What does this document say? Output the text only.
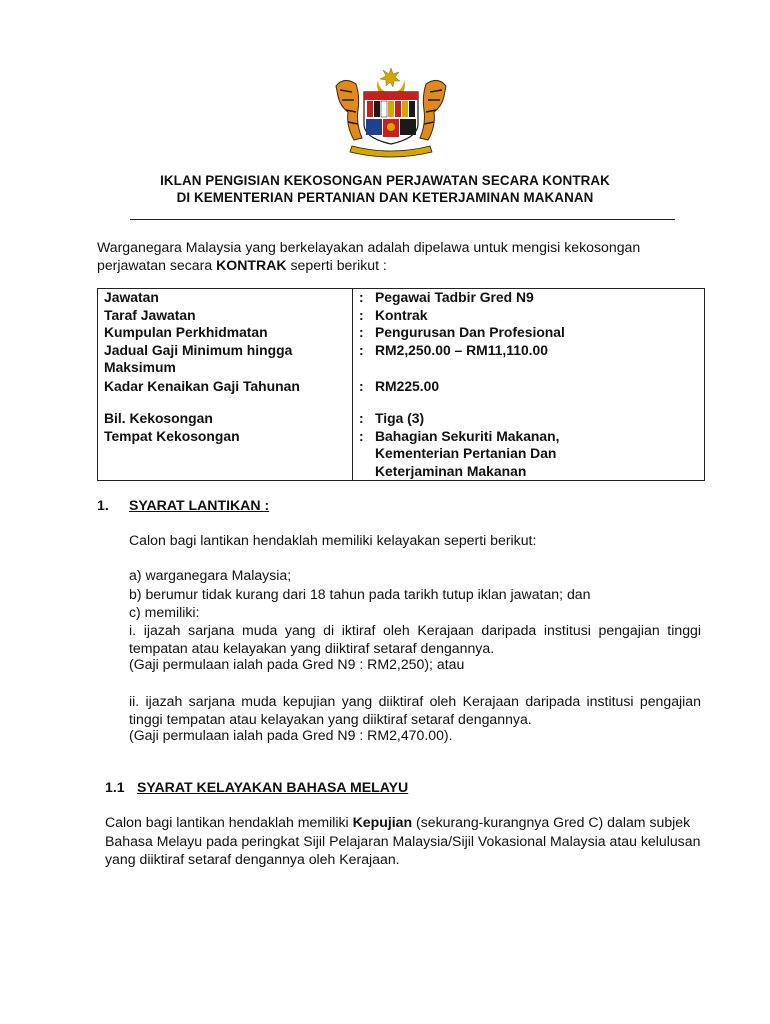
IKLAN PENGISIAN KEKOSONGAN PERJAWATAN SECARA KONTRAK
DI KEMENTERIAN PERTANIAN DAN KETERJAMINAN MAKANAN
Warganegara Malaysia yang berkelayakan adalah dipelawa untuk mengisi kekosongan perjawatan secara KONTRAK seperti berikut :
Jawatan	:	Pegawai Tadbir Gred N9
Taraf Jawatan	:	Kontrak
Kumpulan Perkhidmatan	:	Pengurusan Dan Profesional
Jadual Gaji Minimum hingga Maksimum	:	RM2,250.00 – RM11,110.00
Kadar Kenaikan Gaji Tahunan	:	RM225.00

Bil. Kekosongan	:	Tiga (3)
Tempat Kekosongan	:	Bahagian Sekuriti Makanan, Kementerian Pertanian Dan Keterjaminan Makanan
1. SYARAT LANTIKAN :
Calon bagi lantikan hendaklah memiliki kelayakan seperti berikut:
a) warganegara Malaysia;
b) berumur tidak kurang dari 18 tahun pada tarikh tutup iklan jawatan; dan
c) memiliki:
i. ijazah sarjana muda yang di iktiraf oleh Kerajaan daripada institusi pengajian tinggi tempatan atau kelayakan yang diiktiraf setaraf dengannya.
(Gaji permulaan ialah pada Gred N9 : RM2,250); atau
ii. ijazah sarjana muda kepujian yang diiktiraf oleh Kerajaan daripada institusi pengajian tinggi tempatan atau kelayakan yang diiktiraf setaraf dengannya.
(Gaji permulaan ialah pada Gred N9 : RM2,470.00).
1.1 SYARAT KELAYAKAN BAHASA MELAYU
Calon bagi lantikan hendaklah memiliki Kepujian (sekurang-kurangnya Gred C) dalam subjek Bahasa Melayu pada peringkat Sijil Pelajaran Malaysia/Sijil Vokasional Malaysia atau kelulusan yang diiktiraf setaraf dengannya oleh Kerajaan.
